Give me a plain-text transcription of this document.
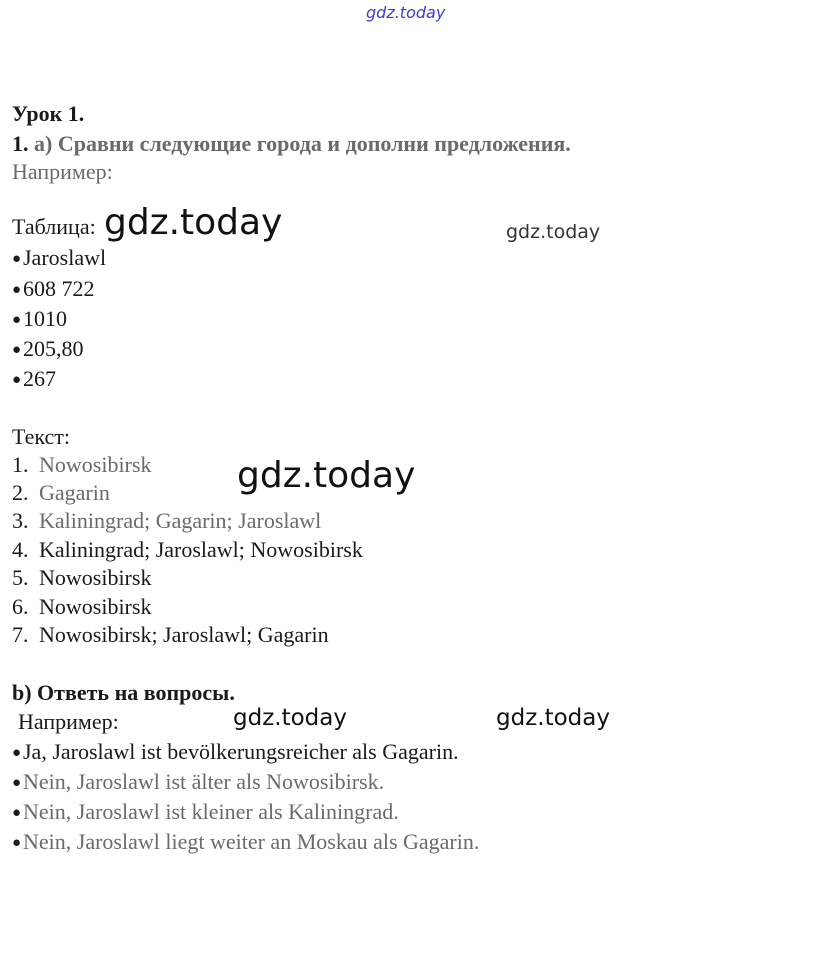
gdz.today
Урок 1.
1. a) Сравни следующие города и дополни предложения.
Например:
Таблица: gdz.today	gdz.today
●Jaroslawl
●608 722
●1010
●205,80
●267
Текст:
gdz.today
1. Nowosibirsk
2. Gagarin
3. Kaliningrad; Gagarin; Jaroslawl
4. Kaliningrad; Jaroslawl; Nowosibirsk
5. Nowosibirsk
6. Nowosibirsk
7. Nowosibirsk; Jaroslawl; Gagarin
b) Ответь на вопросы.
Например:	gdz.today	gdz.today
●Ja, Jaroslawl ist bevölkerungsreicher als Gagarin.
●Nein, Jaroslawl ist älter als Nowosibirsk.
●Nein, Jaroslawl ist kleiner als Kaliningrad.
●Nein, Jaroslawl liegt weiter an Moskau als Gagarin.
